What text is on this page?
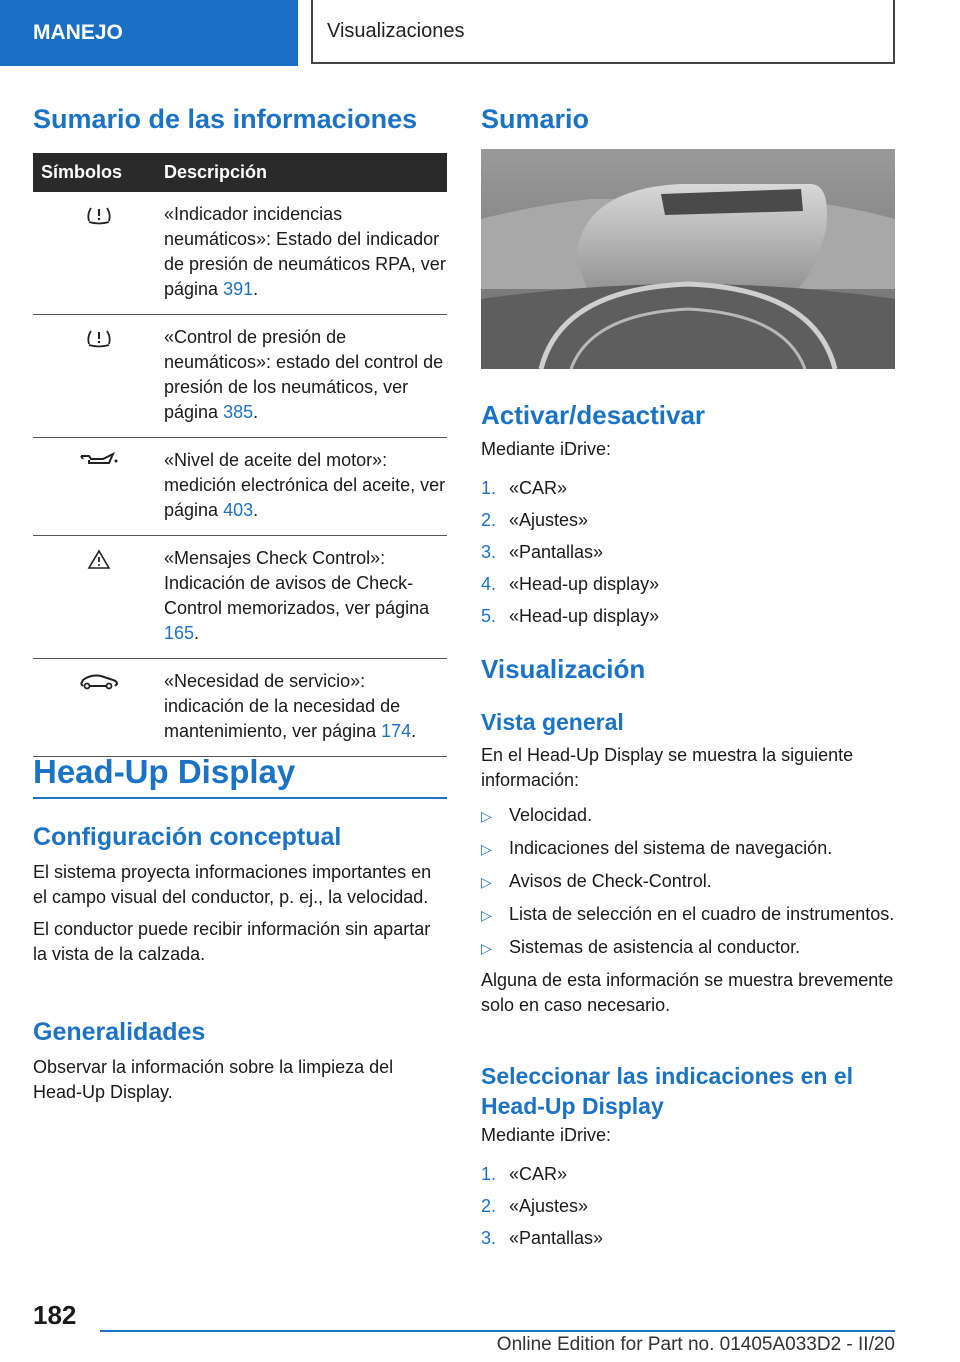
MANEJO	Visualizaciones
Sumario de las informaciones
Símbolos	Descripción
«Indicador incidencias neumáticos»: Estado del indicador de presión de neumáticos RPA, ver página 391.
«Control de presión de neumáticos»: estado del control de presión de los neumáticos, ver página 385.
«Nivel de aceite del motor»: medición electrónica del aceite, ver página 403.
«Mensajes Check Control»: Indicación de avisos de Check-Control memorizados, ver página 165.
«Necesidad de servicio»: indicación de la necesidad de mantenimiento, ver página 174.
Head-Up Display
Configuración conceptual

El sistema proyecta informaciones importantes en el campo visual del conductor, p. ej., la velocidad.

El conductor puede recibir información sin apartar la vista de la calzada.

Generalidades

Observar la información sobre la limpieza del Head-Up Display.

Sumario
Activar/desactivar

Mediante iDrive:

1. «CAR»
2. «Ajustes»
3. «Pantallas»
4. «Head-up display»
5. «Head-up display»
Visualización
Vista general

En el Head-Up Display se muestra la siguiente información:

▷ Velocidad.
▷ Indicaciones del sistema de navegación.
▷ Avisos de Check-Control.
▷ Lista de selección en el cuadro de instrumentos.
▷ Sistemas de asistencia al conductor.

Alguna de esta información se muestra brevemente solo en caso necesario.

Seleccionar las indicaciones en el Head-Up Display

Mediante iDrive:

1. «CAR»
2. «Ajustes»
3. «Pantallas»
182
Online Edition for Part no. 01405A033D2 - II/20
